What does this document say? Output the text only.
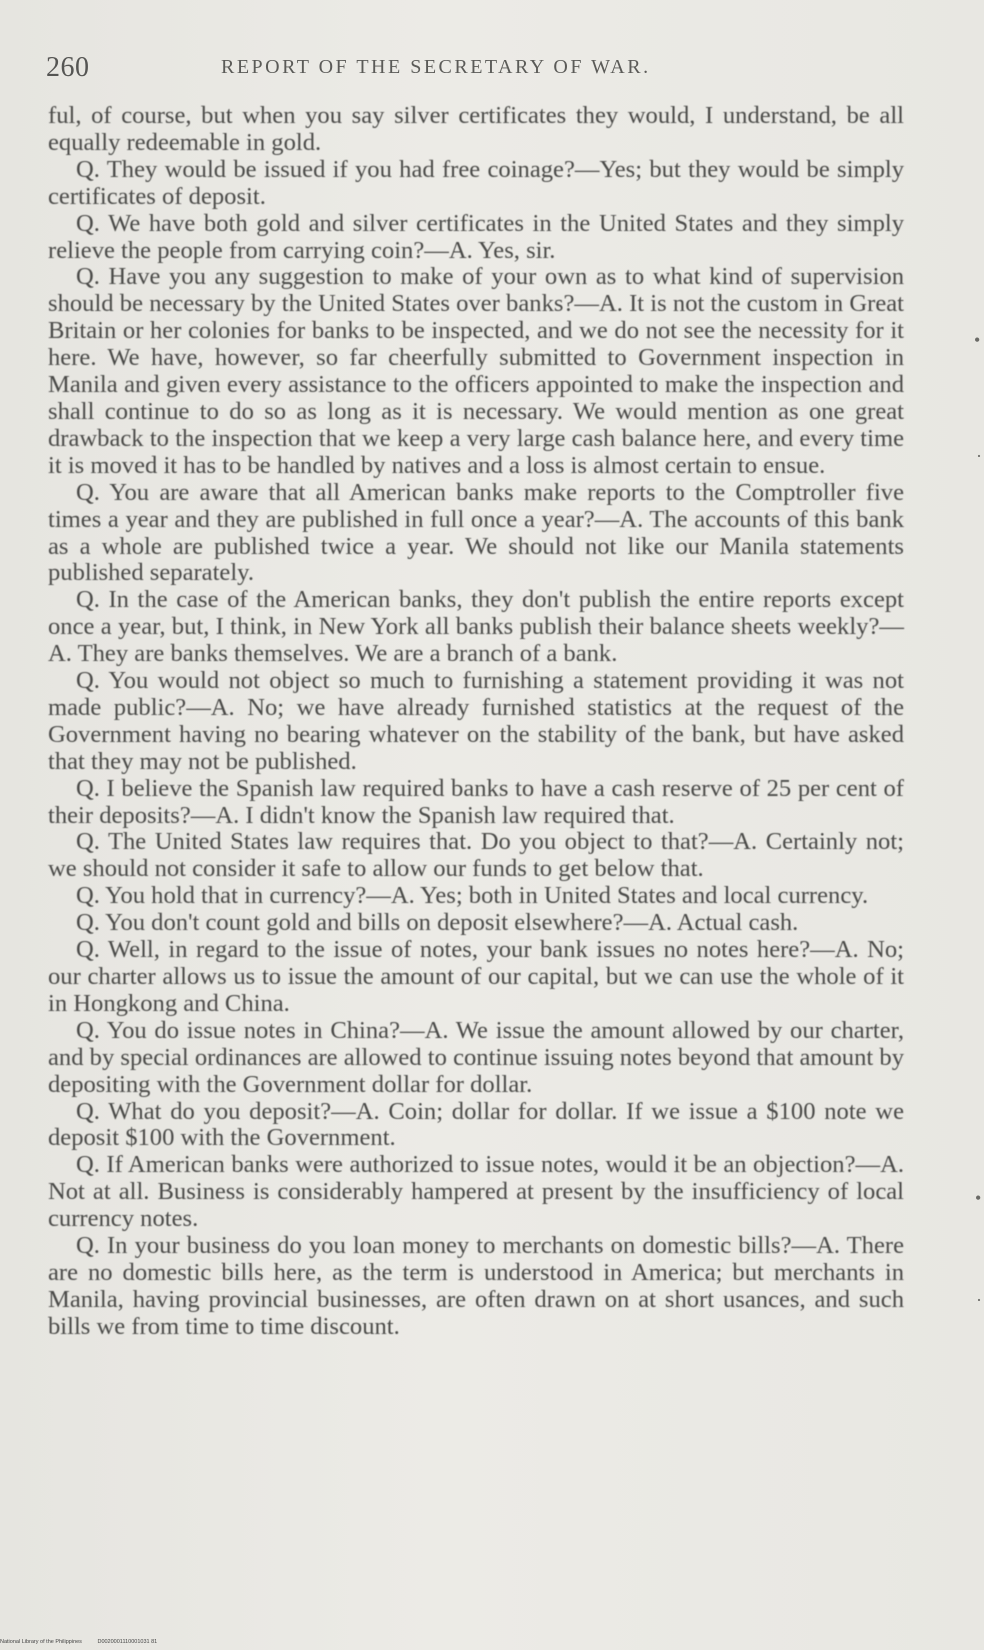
260	REPORT OF THE SECRETARY OF WAR.

ful, of course, but when you say silver certificates they would, I understand, be all equally redeemable in gold.

Q. They would be issued if you had free coinage?—Yes; but they would be simply certificates of deposit.

Q. We have both gold and silver certificates in the United States and they simply relieve the people from carrying coin?—A. Yes, sir.

Q. Have you any suggestion to make of your own as to what kind of supervision should be necessary by the United States over banks?—A. It is not the custom in Great Britain or her colonies for banks to be inspected, and we do not see the necessity for it here. We have, however, so far cheerfully submitted to Government inspection in Manila and given every assistance to the officers appointed to make the inspection and shall continue to do so as long as it is necessary. We would mention as one great drawback to the inspection that we keep a very large cash balance here, and every time it is moved it has to be handled by natives and a loss is almost certain to ensue.

Q. You are aware that all American banks make reports to the Comptroller five times a year and they are published in full once a year?—A. The accounts of this bank as a whole are published twice a year. We should not like our Manila statements published separately.

Q. In the case of the American banks, they don't publish the entire reports except once a year, but, I think, in New York all banks publish their balance sheets weekly?—A. They are banks themselves. We are a branch of a bank.

Q. You would not object so much to furnishing a statement providing it was not made public?—A. No; we have already furnished statistics at the request of the Government having no bearing whatever on the stability of the bank, but have asked that they may not be published.

Q. I believe the Spanish law required banks to have a cash reserve of 25 per cent of their deposits?—A. I didn't know the Spanish law required that.

Q. The United States law requires that. Do you object to that?—A. Certainly not; we should not consider it safe to allow our funds to get below that.

Q. You hold that in currency?—A. Yes; both in United States and local currency.

Q. You don't count gold and bills on deposit elsewhere?—A. Actual cash.

Q. Well, in regard to the issue of notes, your bank issues no notes here?—A. No; our charter allows us to issue the amount of our capital, but we can use the whole of it in Hongkong and China.

Q. You do issue notes in China?—A. We issue the amount allowed by our charter, and by special ordinances are allowed to continue issuing notes beyond that amount by depositing with the Government dollar for dollar.

Q. What do you deposit?—A. Coin; dollar for dollar. If we issue a $100 note we deposit $100 with the Government.

Q. If American banks were authorized to issue notes, would it be an objection?—A. Not at all. Business is considerably hampered at present by the insufficiency of local currency notes.

Q. In your business do you loan money to merchants on domestic bills?—A. There are no domestic bills here, as the term is understood in America; but merchants in Manila, having provincial businesses, are often drawn on at short usances, and such bills we from time to time discount.

•
·
•
·
National Library of the Philippines	D0020001110001031 81
